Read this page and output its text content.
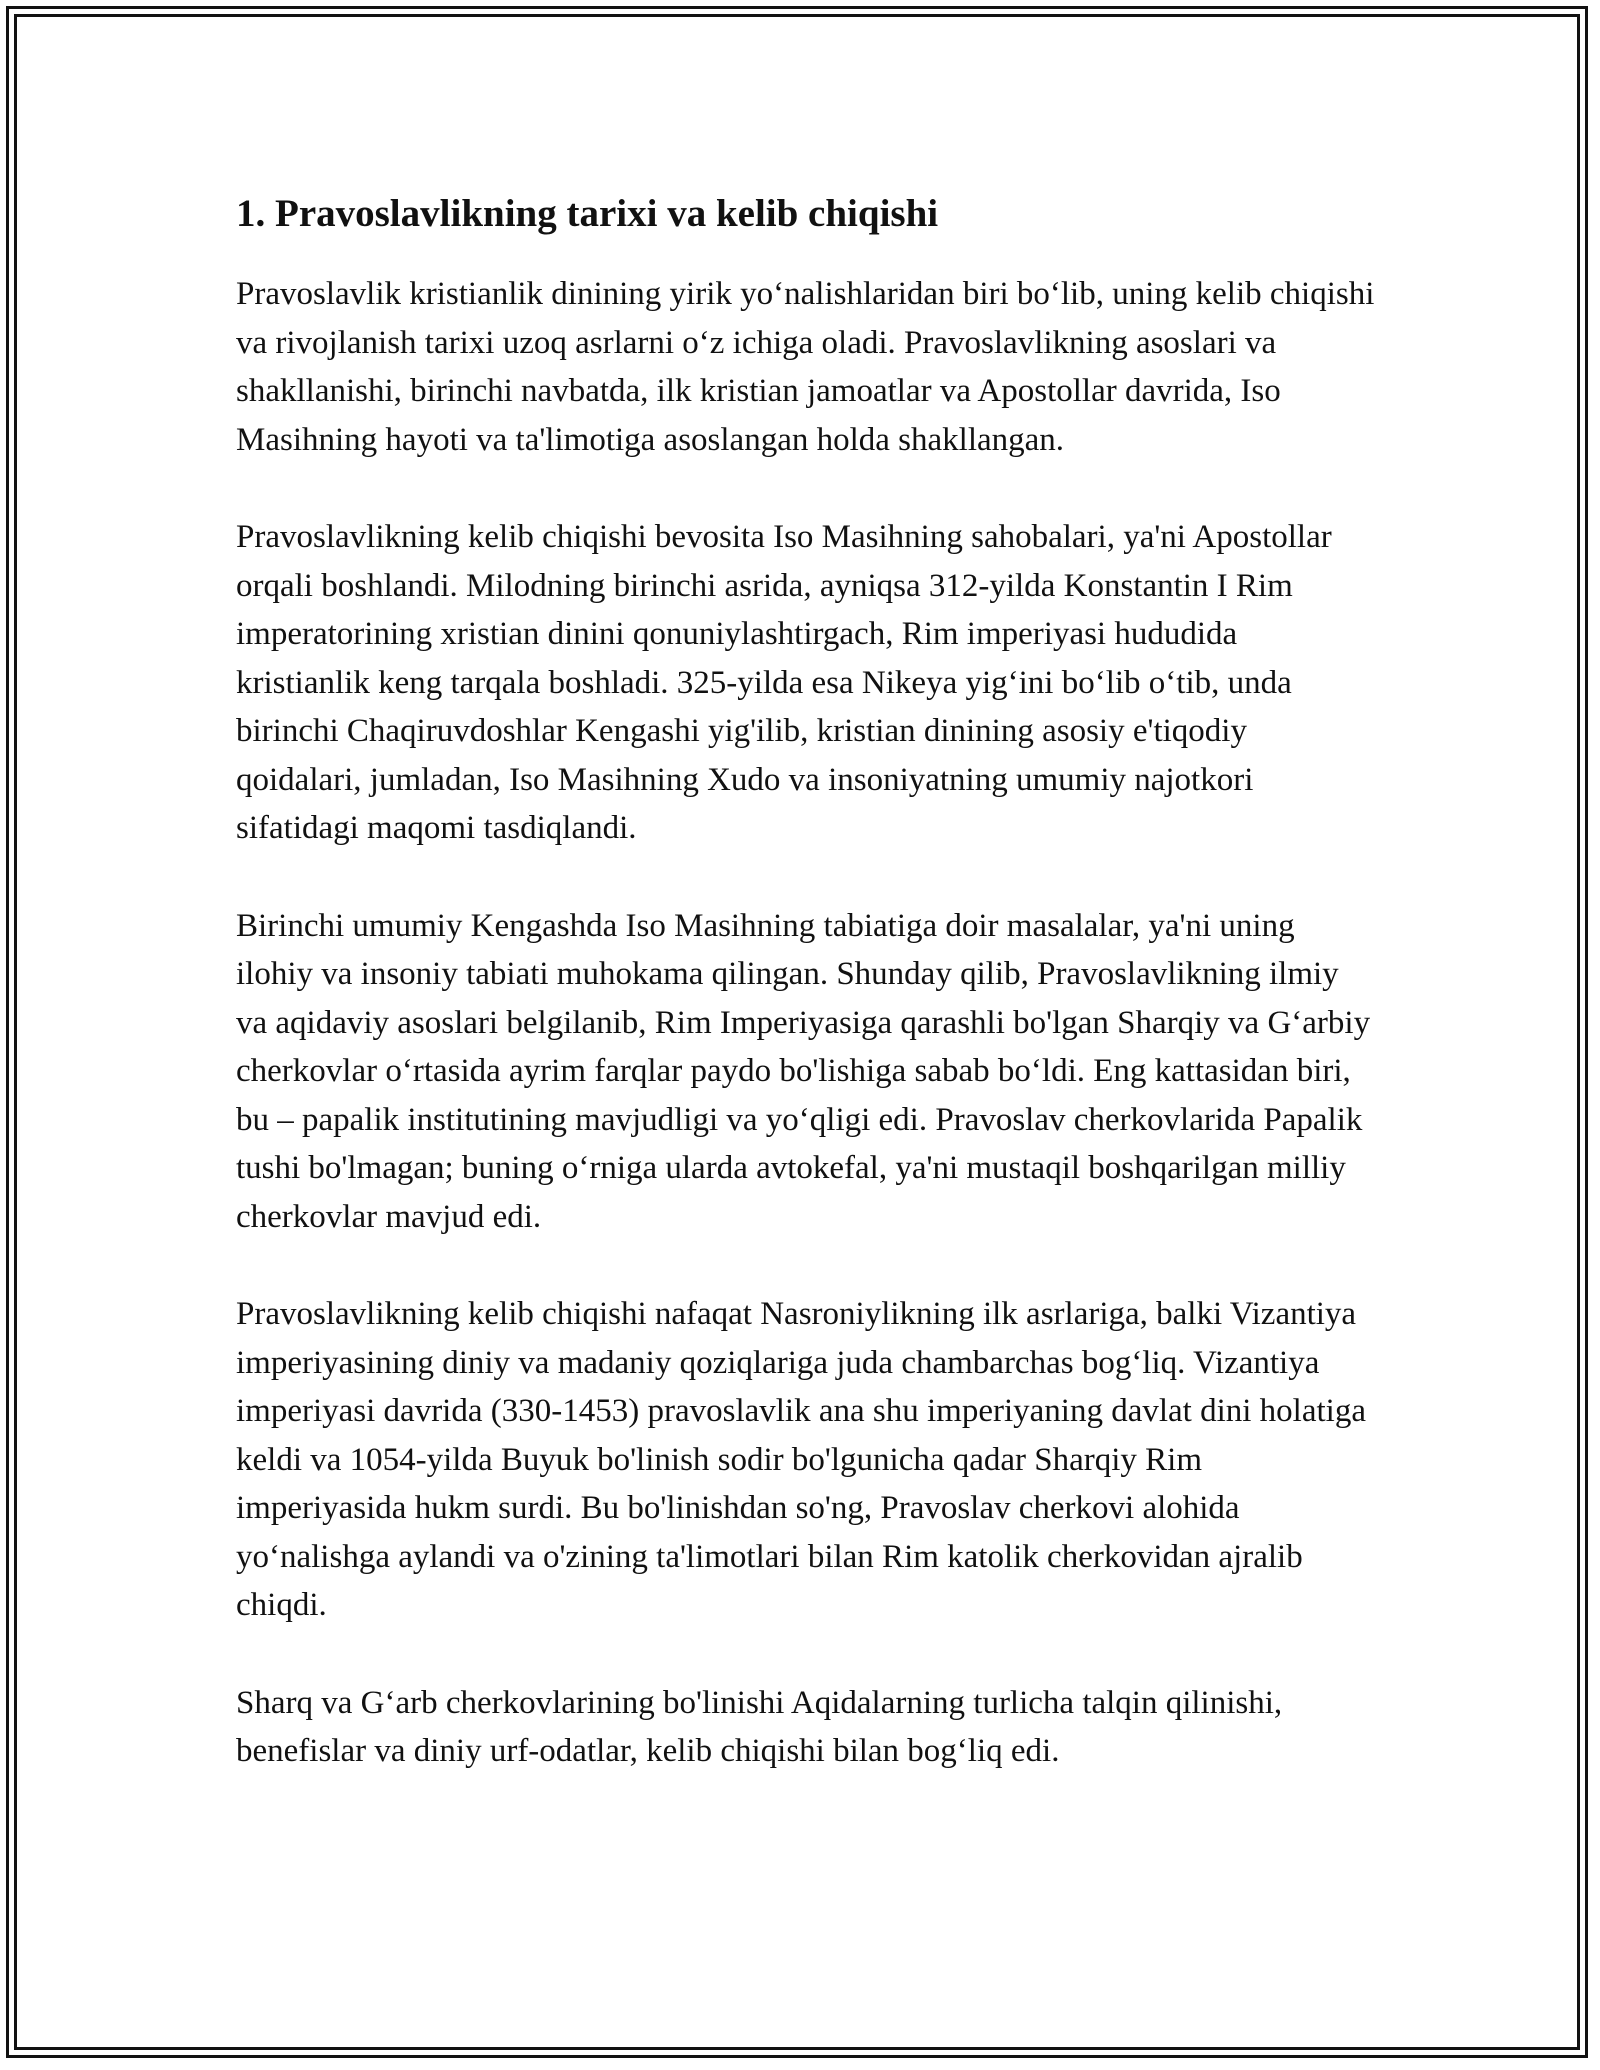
1. Pravoslavlikning tarixi va kelib chiqishi

Pravoslavlik kristianlik dinining yirik yoʻnalishlaridan biri boʻlib, uning kelib chiqishi va rivojlanish tarixi uzoq asrlarni oʻz ichiga oladi. Pravoslavlikning asoslari va shakllanishi, birinchi navbatda, ilk kristian jamoatlar va Apostollar davrida, Iso Masihning hayoti va ta'limotiga asoslangan holda shakllangan.

Pravoslavlikning kelib chiqishi bevosita Iso Masihning sahobalari, ya'ni Apostollar orqali boshlandi. Milodning birinchi asrida, ayniqsa 312-yilda Konstantin I Rim imperatorining xristian dinini qonuniylashtirgach, Rim imperiyasi hududida kristianlik keng tarqala boshladi. 325-yilda esa Nikeya yigʻini boʻlib oʻtib, unda birinchi Chaqiruvdoshlar Kengashi yig'ilib, kristian dinining asosiy e'tiqodiy qoidalari, jumladan, Iso Masihning Xudo va insoniyatning umumiy najotkori sifatidagi maqomi tasdiqlandi.

Birinchi umumiy Kengashda Iso Masihning tabiatiga doir masalalar, ya'ni uning ilohiy va insoniy tabiati muhokama qilingan. Shunday qilib, Pravoslavlikning ilmiy va aqidaviy asoslari belgilanib, Rim Imperiyasiga qarashli bo'lgan Sharqiy va Gʻarbiy cherkovlar oʻrtasida ayrim farqlar paydo bo'lishiga sabab boʻldi. Eng kattasidan biri, bu – papalik institutining mavjudligi va yoʻqligi edi. Pravoslav cherkovlarida Papalik tushi bo'lmagan; buning oʻrniga ularda avtokefal, ya'ni mustaqil boshqarilgan milliy cherkovlar mavjud edi.

Pravoslavlikning kelib chiqishi nafaqat Nasroniylikning ilk asrlariga, balki Vizantiya imperiyasining diniy va madaniy qoziqlariga juda chambarchas bogʻliq. Vizantiya imperiyasi davrida (330-1453) pravoslavlik ana shu imperiyaning davlat dini holatiga keldi va 1054-yilda Buyuk bo'linish sodir bo'lgunicha qadar Sharqiy Rim imperiyasida hukm surdi. Bu bo'linishdan so'ng, Pravoslav cherkovi alohida yoʻnalishga aylandi va o'zining ta'limotlari bilan Rim katolik cherkovidan ajralib chiqdi.

Sharq va Gʻarb cherkovlarining bo'linishi Aqidalarning turlicha talqin qilinishi, benefislar va diniy urf-odatlar, kelib chiqishi bilan bogʻliq edi.
